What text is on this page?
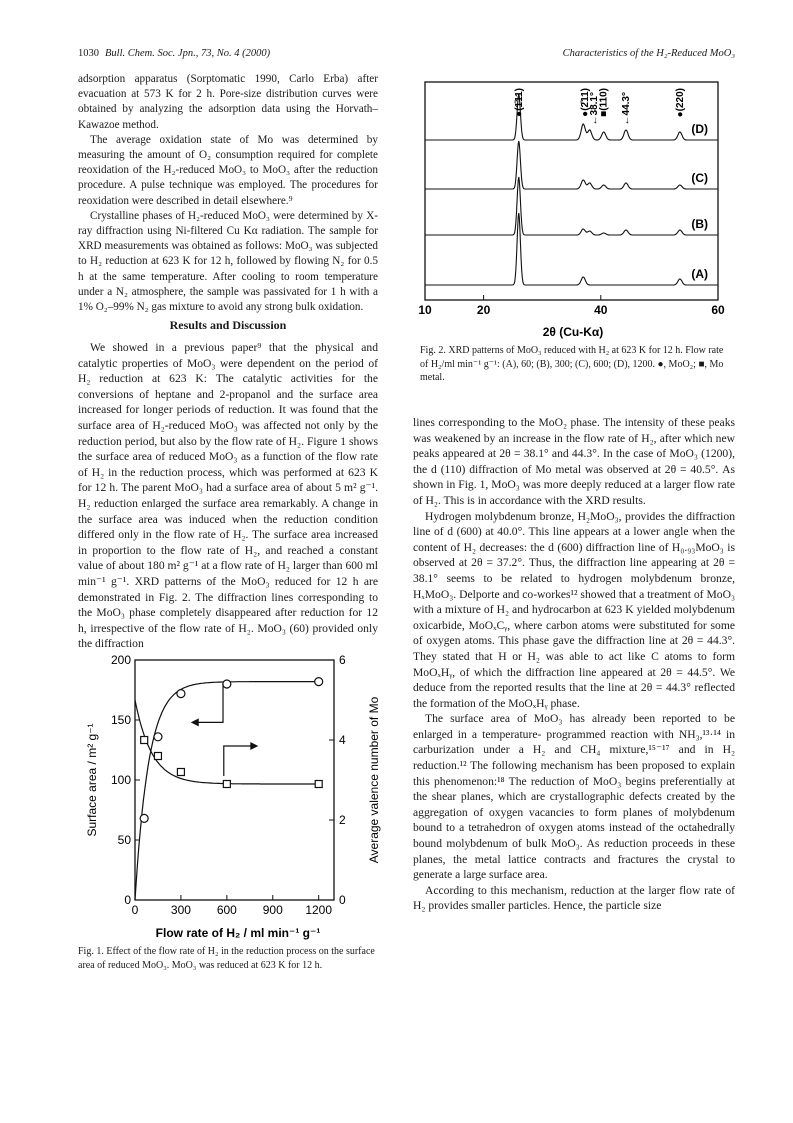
1030 Bull. Chem. Soc. Jpn., 73, No. 4 (2000)	Characteristics of the H₂-Reduced MoO₃

adsorption apparatus (Sorptomatic 1990, Carlo Erba) after evacuation at 573 K for 2 h. Pore-size distribution curves were obtained by analyzing the adsorption data using the Horvath–Kawazoe method.

The average oxidation state of Mo was determined by measuring the amount of O₂ consumption required for complete reoxidation of the H₂-reduced MoO₃ to MoO₃ after the reduction procedure. A pulse technique was employed. The procedures for reoxidation were described in detail elsewhere.⁹

Crystalline phases of H₂-reduced MoO₃ were determined by X-ray diffraction using Ni-filtered Cu Kα radiation. The sample for XRD measurements was obtained as follows: MoO₃ was subjected to H₂ reduction at 623 K for 12 h, followed by flowing N₂ for 0.5 h at the same temperature. After cooling to room temperature under a N₂ atmosphere, the sample was passivated for 1 h with a 1% O₂–99% N₂ gas mixture to avoid any strong bulk oxidation.

Results and Discussion

We showed in a previous paper⁹ that the physical and catalytic properties of MoO₃ were dependent on the period of H₂ reduction at 623 K: The catalytic activities for the conversions of heptane and 2-propanol and the surface area increased for longer periods of reduction. It was found that the surface area of H₂-reduced MoO₃ was affected not only by the reduction period, but also by the flow rate of H₂. Figure 1 shows the surface area of reduced MoO₃ as a function of the flow rate of H₂ in the reduction process, which was performed at 623 K for 12 h. The parent MoO₃ had a surface area of about 5 m² g⁻¹. H₂ reduction enlarged the surface area remarkably. A change in the surface area was induced when the reduction condition differed only in the flow rate of H₂. The surface area increased in proportion to the flow rate of H₂, and reached a constant value of about 180 m² g⁻¹ at a flow rate of H₂ larger than 600 ml min⁻¹ g⁻¹. XRD patterns of the MoO₃ reduced for 12 h are demonstrated in Fig. 2. The diffraction lines corresponding to the MoO₃ phase completely disappeared after reduction for 12 h, irrespective of the flow rate of H₂. MoO₃ (60) provided only the diffraction

0	300 600 900 1200
0
50
100
150
200
0
2
4
6
Flow rate of H₂ / ml min⁻¹ g⁻¹
Surface area / m² g⁻¹	Average valence number of Mo
Fig. 1. Effect of the flow rate of H₂ in the reduction process on the surface area of reduced MoO₃. MoO₃ was reduced at 623 K for 12 h.
(A)
(B)
(C)
(D)
●(1̄11)	●(2̄11)
←38.1°
■(110) ←44.3°	●(220)
10	20	40	60
2θ (Cu-Kα)
Fig. 2. XRD patterns of MoO₃ reduced with H₂ at 623 K for 12 h. Flow rate of H₂/ml min⁻¹ g⁻¹: (A), 60; (B), 300; (C), 600; (D), 1200. ●, MoO₂; ■, Mo metal.

lines corresponding to the MoO₂ phase. The intensity of these peaks was weakened by an increase in the flow rate of H₂, after which new peaks appeared at 2θ = 38.1° and 44.3°. In the case of MoO₃ (1200), the d (110) diffraction of Mo metal was observed at 2θ = 40.5°. As shown in Fig. 1, MoO₃ was more deeply reduced at a larger flow rate of H₂. This is in accordance with the XRD results.

Hydrogen molybdenum bronze, H₂MoO₃, provides the diffraction line of d (600) at 40.0°. This line appears at a lower angle when the content of H₂ decreases: the d (600) diffraction line of H₀.₉₃MoO₃ is observed at 2θ = 37.2°. Thus, the diffraction line appearing at 2θ = 38.1° seems to be related to hydrogen molybdenum bronze, HₓMoO₃. Delporte and co-workes¹² showed that a treatment of MoO₃ with a mixture of H₂ and hydrocarbon at 623 K yielded molybdenum oxicarbide, MoOₓCᵧ, where carbon atoms were substituted for some of oxygen atoms. This phase gave the diffraction line at 2θ = 44.3°. They stated that H or H₂ was able to act like C atoms to form MoOₓHᵧ, of which the diffraction line appeared at 2θ = 44.5°. We deduce from the reported results that the line at 2θ = 44.3° reflected the formation of the MoOₓHᵧ phase.

The surface area of MoO₃ has already been reported to be enlarged in a temperature- programmed reaction with NH₃,¹³·¹⁴ in carburization under a H₂ and CH₄ mixture,¹⁵⁻¹⁷ and in H₂ reduction.¹² The following mechanism has been proposed to explain this phenomenon:¹⁸ The reduction of MoO₃ begins preferentially at the shear planes, which are crystallographic defects created by the aggregation of oxygen vacancies to form planes of molybdenum bound to a tetrahedron of oxygen atoms instead of the octahedrally bound molybdenum of bulk MoO₃. As reduction proceeds in these planes, the metal lattice contracts and fractures the crystal to generate a large surface area.

According to this mechanism, reduction at the larger flow rate of H₂ provides smaller particles. Hence, the particle size
